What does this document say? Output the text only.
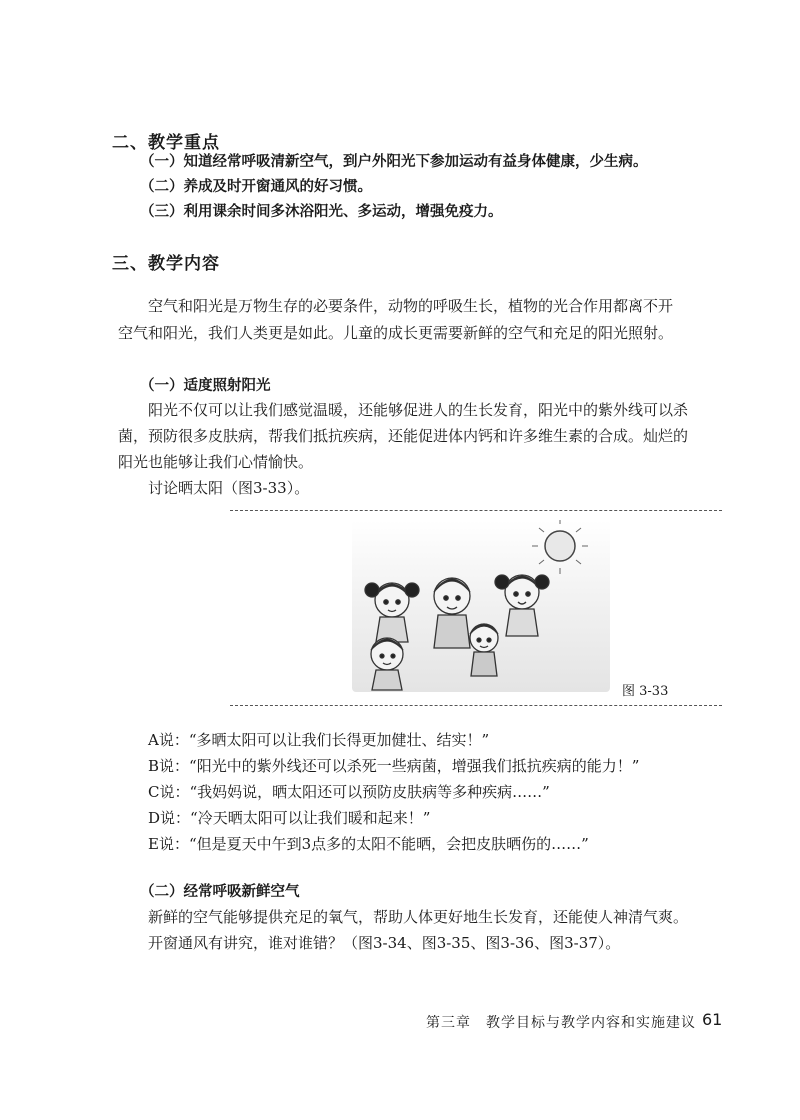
二、教学重点
（一）知道经常呼吸清新空气，到户外阳光下参加运动有益身体健康，少生病。
（二）养成及时开窗通风的好习惯。
（三）利用课余时间多沐浴阳光、多运动，增强免疫力。
三、教学内容
空气和阳光是万物生存的必要条件，动物的呼吸生长，植物的光合作用都离不开
空气和阳光，我们人类更是如此。儿童的成长更需要新鲜的空气和充足的阳光照射。
（一）适度照射阳光
阳光不仅可以让我们感觉温暖，还能够促进人的生长发育，阳光中的紫外线可以杀
菌，预防很多皮肤病，帮我们抵抗疾病，还能促进体内钙和许多维生素的合成。灿烂的
阳光也能够让我们心情愉快。
讨论晒太阳（图3-33）。
图 3-33
A说：“多晒太阳可以让我们长得更加健壮、结实！”
B说：“阳光中的紫外线还可以杀死一些病菌，增强我们抵抗疾病的能力！”
C说：“我妈妈说，晒太阳还可以预防皮肤病等多种疾病……”
D说：“冷天晒太阳可以让我们暖和起来！”
E说：“但是夏天中午到3点多的太阳不能晒，会把皮肤晒伤的……”
（二）经常呼吸新鲜空气
新鲜的空气能够提供充足的氧气，帮助人体更好地生长发育，还能使人神清气爽。
开窗通风有讲究，谁对谁错？（图3-34、图3-35、图3-36、图3-37）。
第三章　教学目标与教学内容和实施建议 61
